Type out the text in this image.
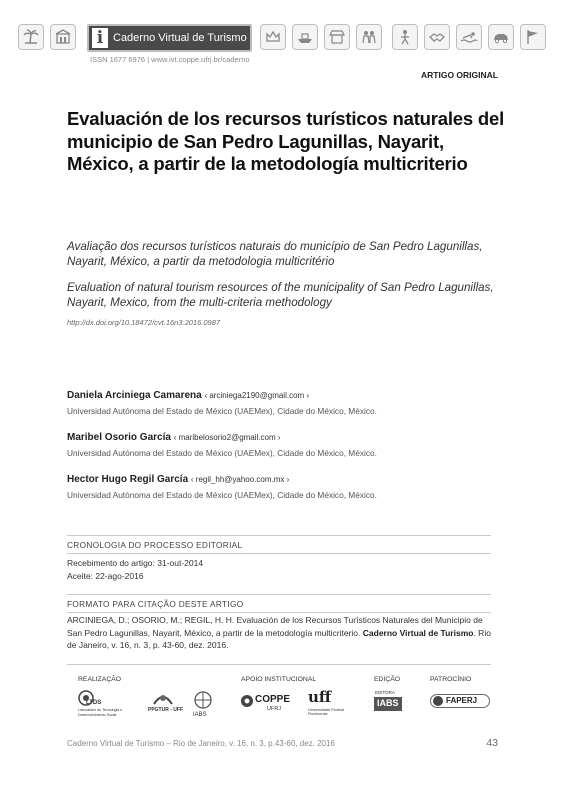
i Caderno Virtual de Turismo
ISSN 1677 6976 | www.ivt.coppe.ufrj.br/caderno
ARTIGO ORIGINAL
Evaluación de los recursos turísticos naturales del municipio de San Pedro Lagunillas, Nayarit, México, a partir de la metodología multicriterio

Avaliação dos recursos turísticos naturais do município de San Pedro Lagunillas, Nayarit, México, a partir da metodologia multicritério

Evaluation of natural tourism resources of the municipality of San Pedro Lagunillas, Nayarit, Mexico, from the multi-criteria methodology

http://dx.doi.org/10.18472/cvt.16n3.2016.0987
Daniela Arciniega Camarena ‹ arciniega2190@gmail.com ›
Universidad Autónoma del Estado de México (UAEMex), Cidade do México, México.
Maribel Osorio García ‹ maribelosorio2@gmail.com ›
Universidad Autónoma del Estado de México (UAEMex), Cidade do México, México.
Hector Hugo Regil García ‹ regil_hh@yahoo.com.mx ›
Universidad Autónoma del Estado de México (UAEMex), Cidade do México, México.
CRONOLOGIA DO PROCESSO EDITORIAL
Recebimento do artigo: 31-out-2014
Aceite: 22-ago-2016
FORMATO PARA CITAÇÃO DESTE ARTIGO
ARCINIEGA, D.; OSORIO, M.; REGIL, H. H. Evaluación de los Recursos Turísticos Naturales del Municipio de San Pedro Lagunillas, Nayarit, México, a partir de la metodología multicriterio. Caderno Virtual de Turismo. Rio de Janeiro, v. 16, n. 3, p. 43-60, dez. 2016.
REALIZAÇÃO	APOIO INSTITUCIONAL	EDIÇÃO	PATROCÍNIO
LTDS
Laboratório de Tecnologia e Desenvolvimento Social
PPGTUR - UFF
IABS
COPPE
UFRJ
uff
Universidade Federal Fluminense
EDITORA
IABS	FAPERJ
Caderno Virtual de Turismo – Rio de Janeiro, v. 16, n. 3, p.43-60, dez. 2016	43
